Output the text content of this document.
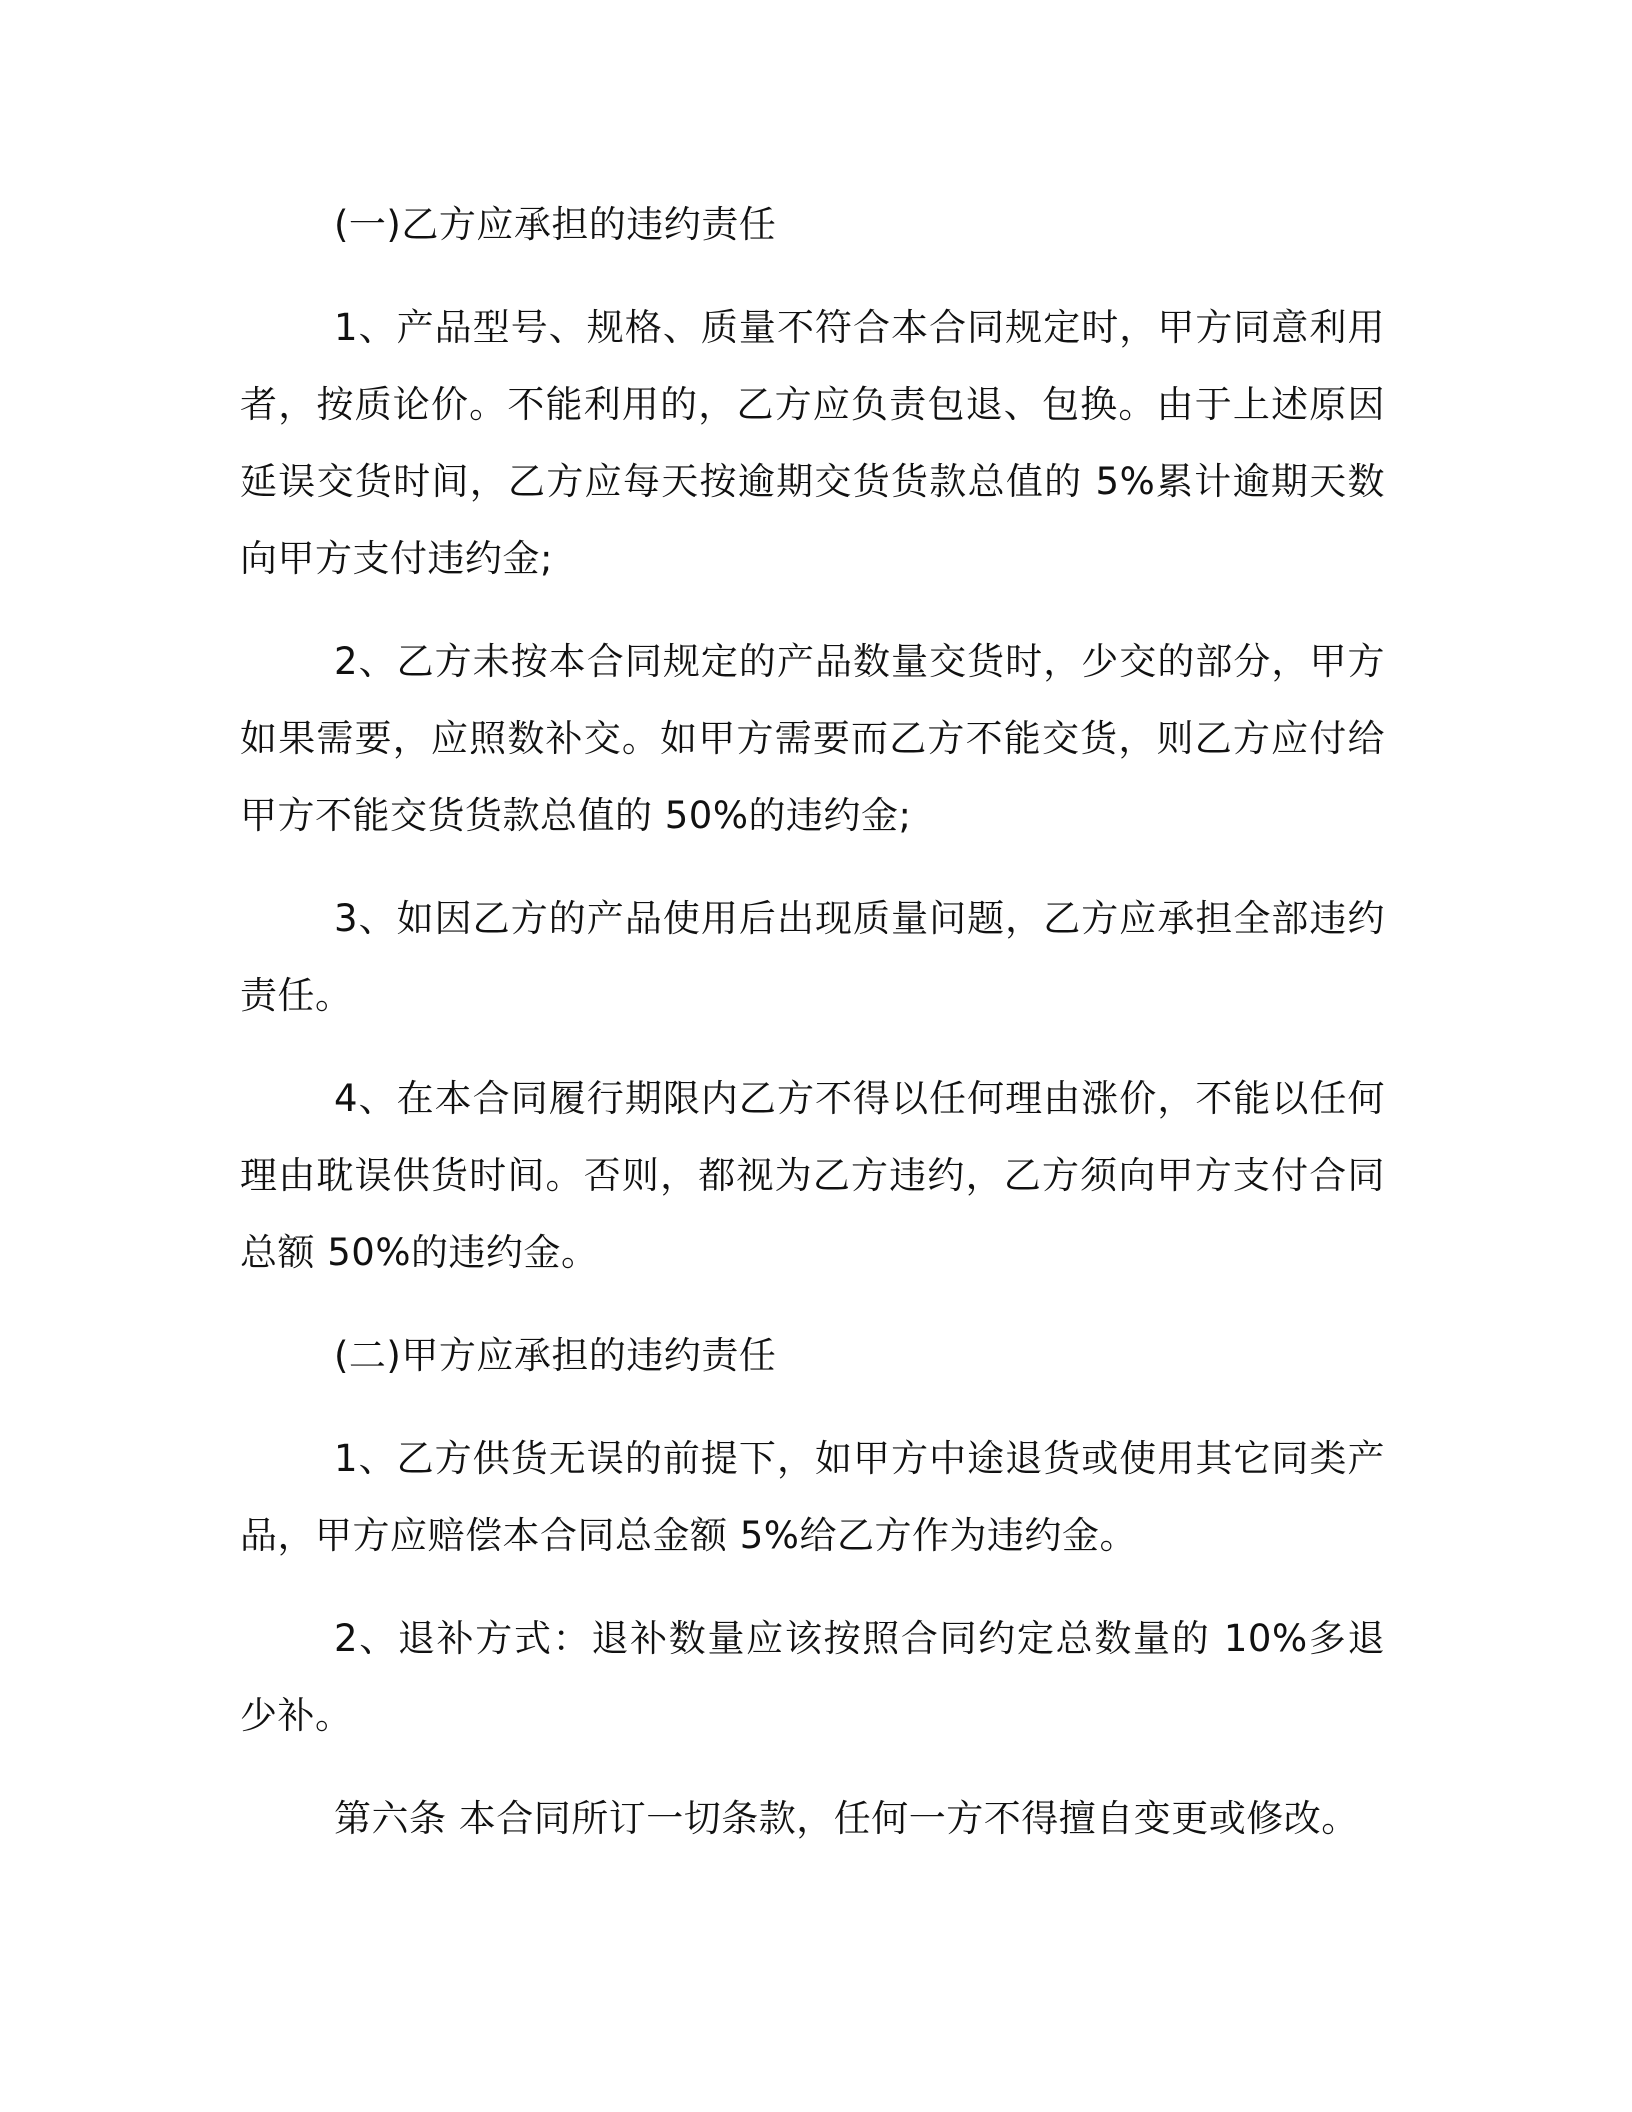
(一)乙方应承担的违约责任

1、产品型号、规格、质量不符合本合同规定时，甲方同意利用者，按质论价。不能利用的，乙方应负责包退、包换。由于上述原因延误交货时间，乙方应每天按逾期交货货款总值的 5%累计逾期天数向甲方支付违约金;

2、乙方未按本合同规定的产品数量交货时，少交的部分，甲方如果需要，应照数补交。如甲方需要而乙方不能交货，则乙方应付给甲方不能交货货款总值的 50%的违约金;

3、如因乙方的产品使用后出现质量问题，乙方应承担全部违约责任。

4、在本合同履行期限内乙方不得以任何理由涨价，不能以任何理由耽误供货时间。否则，都视为乙方违约，乙方须向甲方支付合同总额 50%的违约金。

(二)甲方应承担的违约责任

1、乙方供货无误的前提下，如甲方中途退货或使用其它同类产品，甲方应赔偿本合同总金额 5%给乙方作为违约金。

2、退补方式：退补数量应该按照合同约定总数量的 10%多退少补。

第六条 本合同所订一切条款，任何一方不得擅自变更或修改。
